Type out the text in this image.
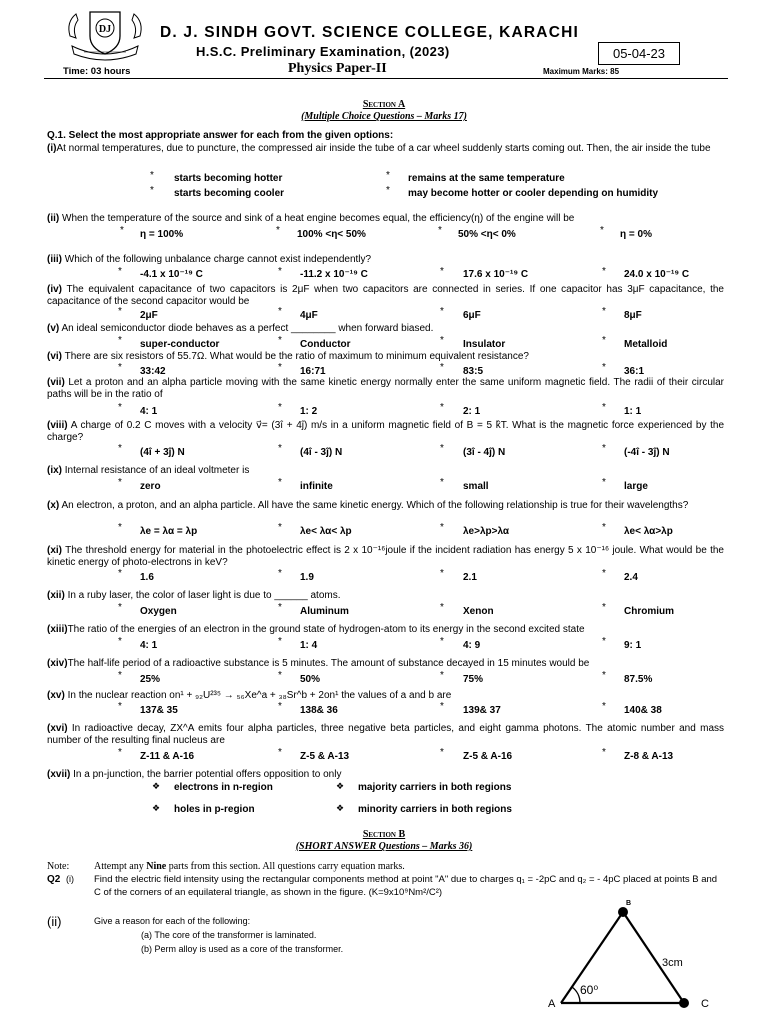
DJ	D. J. SINDH GOVT. SCIENCE COLLEGE, KARACHI
H.S.C. Preliminary Examination, (2023)
Physics Paper-II
05-04-23
Time: 03 hours	Maximum Marks: 85
Section A
(Multiple Choice Questions – Marks 17)
Q.1. Select the most appropriate answer for each from the given options:
(i)At normal temperatures, due to puncture, the compressed air inside the tube of a car wheel suddenly starts coming out. Then, the air inside the tube
* starts becoming hotter	* remains at the same temperature
* starts becoming cooler	* may become hotter or cooler depending on humidity
(ii) When the temperature of the source and sink of a heat engine becomes equal, the efficiency(η) of the engine will be
* η = 100%	* 100% <η< 50%	* 50% <η< 0%	* η = 0%
(iii) Which of the following unbalance charge cannot exist independently?
* -4.1 x 10⁻¹⁹ C	* -11.2 x 10⁻¹⁹ C	* 17.6 x 10⁻¹⁹ C	* 24.0 x 10⁻¹⁹ C
(iv) The equivalent capacitance of two capacitors is 2μF when two capacitors are connected in series. If one capacitor has 3μF capacitance, the capacitance of the second capacitor would be
* 2μF	* 4μF	* 6μF	* 8μF
(v) An ideal semiconductor diode behaves as a perfect ________ when forward biased.
* super-conductor	* Conductor	* Insulator	* Metalloid
(vi) There are six resistors of 55.7Ω. What would be the ratio of maximum to minimum equivalent resistance?
* 33:42	* 16:71	* 83:5	* 36:1
(vii) Let a proton and an alpha particle moving with the same kinetic energy normally enter the same uniform magnetic field. The radii of their circular paths will be in the ratio of
* 4: 1	* 1: 2	* 2: 1	* 1: 1
(viii) A charge of 0.2 C moves with a velocity v⃗= (3î + 4ĵ) m/s in a uniform magnetic field of B = 5 k̂T. What is the magnetic force experienced by the charge?
* (4î + 3ĵ) N	* (4î - 3ĵ) N	* (3î - 4ĵ) N	* (-4î - 3ĵ) N
(ix) Internal resistance of an ideal voltmeter is
* zero	* infinite	* small	* large
(x) An electron, a proton, and an alpha particle. All have the same kinetic energy. Which of the following relationship is true for their wavelengths?
* λe = λα = λp	* λe< λα< λp	* λe>λp>λα	* λe< λα>λp
(xi) The threshold energy for material in the photoelectric effect is 2 x 10⁻¹⁶joule if the incident radiation has energy 5 x 10⁻¹⁶ joule. What would be the kinetic energy of photo-electrons in keV?
* 1.6	* 1.9	* 2.1	* 2.4
(xii) In a ruby laser, the color of laser light is due to ______ atoms.
* Oxygen	* Aluminum	* Xenon	* Chromium
(xiii)The ratio of the energies of an electron in the ground state of hydrogen-atom to its energy in the second excited state
* 4: 1	* 1: 4	* 4: 9	* 9: 1
(xiv)The half-life period of a radioactive substance is 5 minutes. The amount of substance decayed in 15 minutes would be
* 25%	* 50%	* 75%	* 87.5%
(xv) In the nuclear reaction on¹ + ₉₂U²³⁵ → ₅₆Xe^a + ₃₈Sr^b + 2on¹ the values of a and b are
* 137& 35	* 138& 36	* 139& 37	* 140& 38
(xvi) In radioactive decay, ZX^A emits four alpha particles, three negative beta particles, and eight gamma photons. The atomic number and mass number of the resulting final nucleus are
* Z-11 & A-16	* Z-5 & A-13	* Z-5 & A-16	* Z-8 & A-13
(xvii) In a pn-junction, the barrier potential offers opposition to only
❖ electrons in n-region	❖ majority carriers in both regions
❖ holes in p-region	❖ minority carriers in both regions
Section B
(SHORT ANSWER Questions – Marks 36)
Note: Attempt any Nine parts from this section. All questions carry equation marks.
Q2 (i) Find the electric field intensity using the rectangular components method at point "A" due to charges q₁ = -2pC and q₂ = - 4pC placed at points B and C of the corners of an equilateral triangle, as shown in the figure. (K=9x10⁹Nm²/C²)
(ii)	Give a reason for each of the following:
(a) The core of the transformer is laminated.
(b) Perm alloy is used as a core of the transformer.
B
A	C
3cm
60⁰
